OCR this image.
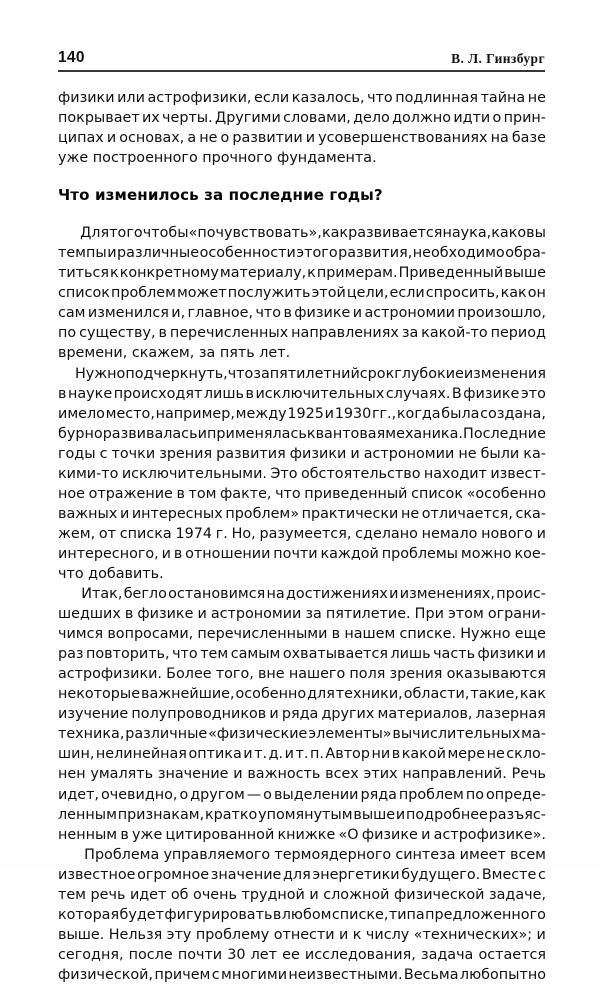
140	В. Л. Гинзбург
физики или астрофизики, если казалось, что подлинная тайна не
покрывает их черты. Другими словами, дело должно идти о прин-
ципах и основах, а не о развитии и усовершенствованиях на базе
уже построенного прочного фундамента.
Что изменилось за последние годы?
Для того чтобы «почувствовать», как развивается наука, каковы
темпы и различные особенности этого развития, необходимо обра-
титься к конкретному материалу, к примерам. Приведенный выше
список проблем может послужить этой цели, если спросить, как он
сам изменился и, главное, что в физике и астрономии произошло,
по существу, в перечисленных направлениях за какой-то период
времени, скажем, за пять лет.
Нужно подчеркнуть, что за пятилетний срок глубокие изменения
в науке происходят лишь в исключительных случаях. В физике это
имело место, например, между 1925 и 1930 гг., когда была создана,
бурно развивалась и применялась квантовая механика. Последние
годы с точки зрения развития физики и астрономии не были ка-
кими-то исключительными. Это обстоятельство находит извест-
ное отражение в том факте, что приведенный список «особенно
важных и интересных проблем» практически не отличается, ска-
жем, от списка 1974 г. Но, разумеется, сделано немало нового и
интересного, и в отношении почти каждой проблемы можно кое-
что добавить.
Итак, бегло остановимся на достижениях и изменениях, проис-
шедших в физике и астрономии за пятилетие. При этом ограни-
чимся вопросами, перечисленными в нашем списке. Нужно еще
раз повторить, что тем самым охватывается лишь часть физики и
астрофизики. Более того, вне нашего поля зрения оказываются
некоторые важнейшие, особенно для техники, области, такие, как
изучение полупроводников и ряда других материалов, лазерная
техника, различные «физические элементы» вычислительных ма-
шин, нелинейная оптика и т. д. и т. п. Автор ни в какой мере не скло-
нен умалять значение и важность всех этих направлений. Речь
идет, очевидно, о другом — о выделении ряда проблем по опреде-
ленным признакам, кратко упомянутым выше и подробнее разъяс-
ненным в уже цитированной книжке «О физике и астрофизике».
Проблема управляемого термоядерного синтеза имеет всем
известное огромное значение для энергетики будущего. Вместе с
тем речь идет об очень трудной и сложной физической задаче,
которая будет фигурировать в любом списке, типа предложенного
выше. Нельзя эту проблему отнести и к числу «технических»; и
сегодня, после почти 30 лет ее исследования, задача остается
физической, причем с многими неизвестными. Весьма любопытно
